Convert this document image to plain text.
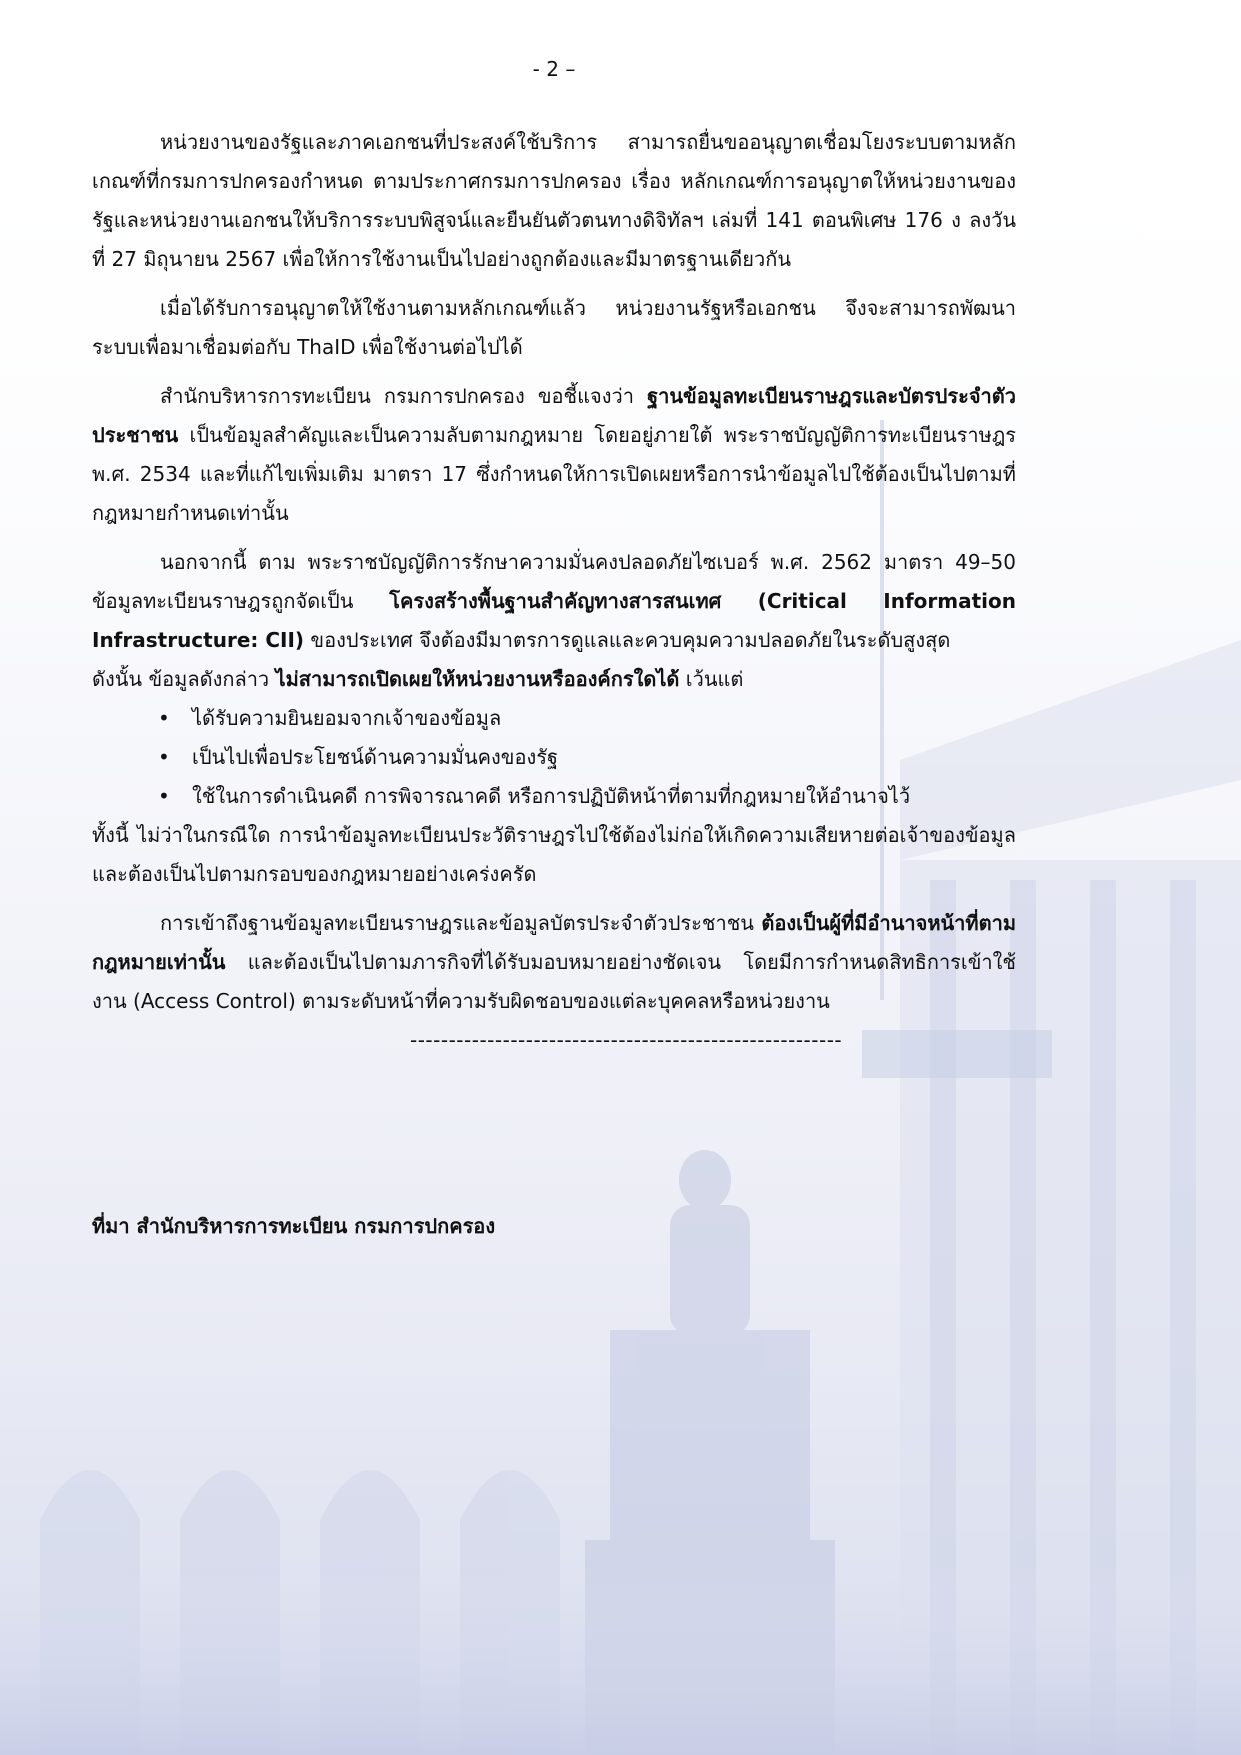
- 2 –

หน่วยงานของรัฐและภาคเอกชนที่ประสงค์ใช้บริการ สามารถยื่นขออนุญาตเชื่อมโยงระบบตามหลักเกณฑ์ที่กรมการปกครองกำหนด ตามประกาศกรมการปกครอง เรื่อง หลักเกณฑ์การอนุญาตให้หน่วยงานของรัฐและหน่วยงานเอกชนให้บริการระบบพิสูจน์และยืนยันตัวตนทางดิจิทัลฯ เล่มที่ 141 ตอนพิเศษ 176 ง ลงวันที่ 27 มิถุนายน 2567 เพื่อให้การใช้งานเป็นไปอย่างถูกต้องและมีมาตรฐานเดียวกัน

เมื่อได้รับการอนุญาตให้ใช้งานตามหลักเกณฑ์แล้ว หน่วยงานรัฐหรือเอกชน จึงจะสามารถพัฒนาระบบเพื่อมาเชื่อมต่อกับ ThaID เพื่อใช้งานต่อไปได้

สำนักบริหารการทะเบียน กรมการปกครอง ขอชี้แจงว่า ฐานข้อมูลทะเบียนราษฎรและบัตรประจำตัวประชาชน เป็นข้อมูลสำคัญและเป็นความลับตามกฎหมาย โดยอยู่ภายใต้ พระราชบัญญัติการทะเบียนราษฎร พ.ศ. 2534 และที่แก้ไขเพิ่มเติม มาตรา 17 ซึ่งกำหนดให้การเปิดเผยหรือการนำข้อมูลไปใช้ต้องเป็นไปตามที่กฎหมายกำหนดเท่านั้น

นอกจากนี้ ตาม พระราชบัญญัติการรักษาความมั่นคงปลอดภัยไซเบอร์ พ.ศ. 2562 มาตรา 49–50 ข้อมูลทะเบียนราษฎรถูกจัดเป็น โครงสร้างพื้นฐานสำคัญทางสารสนเทศ (Critical Information Infrastructure: CII) ของประเทศ จึงต้องมีมาตรการดูแลและควบคุมความปลอดภัยในระดับสูงสุด

ดังนั้น ข้อมูลดังกล่าว ไม่สามารถเปิดเผยให้หน่วยงานหรือองค์กรใดได้ เว้นแต่

• ได้รับความยินยอมจากเจ้าของข้อมูล
• เป็นไปเพื่อประโยชน์ด้านความมั่นคงของรัฐ
• ใช้ในการดำเนินคดี การพิจารณาคดี หรือการปฏิบัติหน้าที่ตามที่กฎหมายให้อำนาจไว้

ทั้งนี้ ไม่ว่าในกรณีใด การนำข้อมูลทะเบียนประวัติราษฎรไปใช้ต้องไม่ก่อให้เกิดความเสียหายต่อเจ้าของข้อมูลและต้องเป็นไปตามกรอบของกฎหมายอย่างเคร่งครัด

การเข้าถึงฐานข้อมูลทะเบียนราษฎรและข้อมูลบัตรประจำตัวประชาชน ต้องเป็นผู้ที่มีอำนาจหน้าที่ตามกฎหมายเท่านั้น และต้องเป็นไปตามภารกิจที่ได้รับมอบหมายอย่างชัดเจน โดยมีการกำหนดสิทธิการเข้าใช้งาน (Access Control) ตามระดับหน้าที่ความรับผิดชอบของแต่ละบุคคลหรือหน่วยงาน

--------------------------------------------------------
ที่มา สำนักบริหารการทะเบียน กรมการปกครอง
